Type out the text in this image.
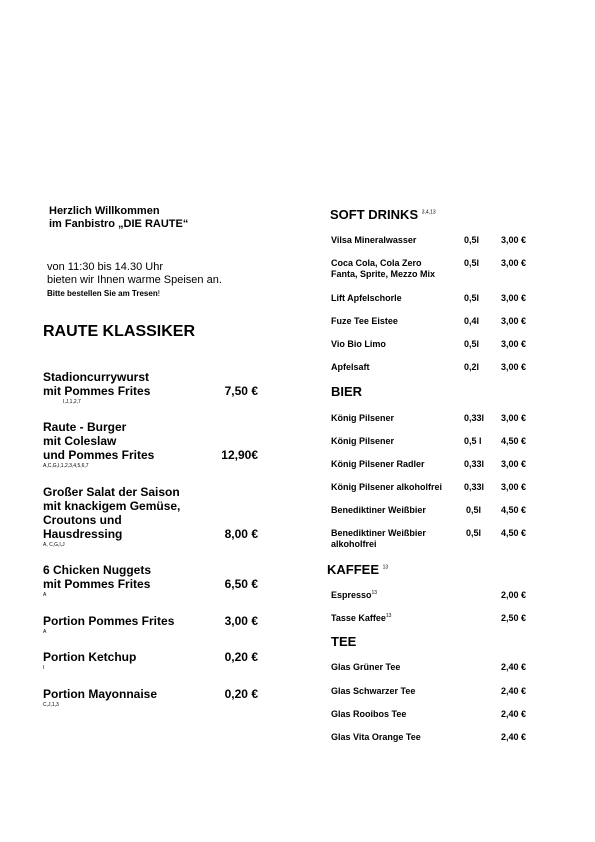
Herzlich Willkommen
im Fanbistro „DIE RAUTE“
von 11:30 bis 14.30 Uhr
bieten wir Ihnen warme Speisen an.
Bitte bestellen Sie am Tresen!
RAUTE KLASSIKER
Stadioncurrywurst
mit Pommes Frites	7,50 €
I,J,1,2,7
Raute - Burger
mit Coleslaw
und Pommes Frites	12,90€
A,C,G,I,1,2,3,4,5,6,7
Großer Salat der Saison
mit knackigem Gemüse,
Croutons und
Hausdressing	8,00 €
A, C,G,I,J
6 Chicken Nuggets
mit Pommes Frites	6,50 €
A
Portion Pommes Frites	3,00 €
A
Portion Ketchup	0,20 €
I
Portion Mayonnaise	0,20 €
C,J,1,3
SOFT DRINKS $^{3,4,13}$
Vilsa Mineralwasser	0,5l 3,00 €
Coca Cola, Cola Zero
Fanta, Sprite, Mezzo Mix
0,5l 3,00 €
Lift Apfelschorle	0,5l 3,00 €
Fuze Tee Eistee	0,4l 3,00 €
Vio Bio Limo	0,5l 3,00 €
Apfelsaft	0,2l 3,00 €
BIER
König Pilsener	0,33l 3,00 €
König Pilsener	0,5 l 4,50 €
König Pilsener Radler	0,33l 3,00 €
König Pilsener alkoholfrei 0,33l 3,00 €
Benediktiner Weißbier	0,5l 4,50 €
Benediktiner Weißbier
alkoholfrei
0,5l 4,50 €
KAFFEE $^{13}$
Espresso$^{13}$	2,00 €
Tasse Kaffee$^{13}$	2,50 €
TEE
Glas Grüner Tee	2,40 €
Glas Schwarzer Tee	2,40 €
Glas Rooibos Tee	2,40 €
Glas Vita Orange Tee	2,40 €
